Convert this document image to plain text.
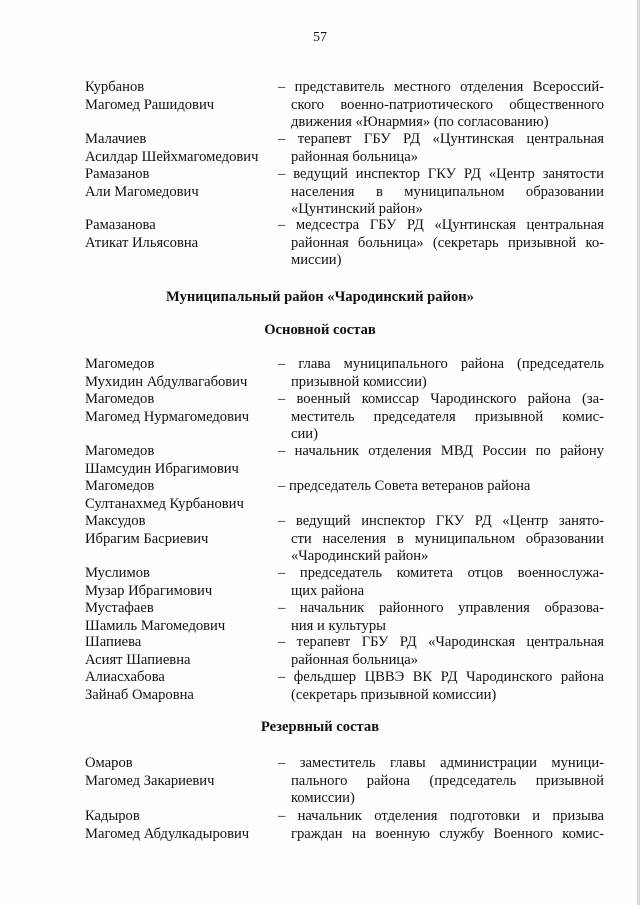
57
Курбанов
Магомед Рашидович
– представитель местного отделения Всероссий-
ского военно-патриотического общественного
движения «Юнармия» (по согласованию)
Малачиев
Асилдар Шейхмагомедович
– терапевт ГБУ РД «Цунтинская центральная
районная больница»
Рамазанов
Али Магомедович
– ведущий инспектор ГКУ РД «Центр занятости
населения в муниципальном образовании
«Цунтинский район»
Рамазанова
Атикат Ильясовна
– медсестра ГБУ РД «Цунтинская центральная
районная больница» (секретарь призывной ко-
миссии)
Муниципальный район «Чародинский район»
Основной состав
Магомедов
Мухидин Абдулвагабович
– глава муниципального района (председатель
призывной комиссии)
Магомедов
Магомед Нурмагомедович
– военный комиссар Чародинского района (за-
меститель председателя призывной комис-
сии)
Магомедов
Шамсудин Ибрагимович
– начальник отделения МВД России по району
Магомедов
Султанахмед Курбанович
– председатель Совета ветеранов района
Максудов
Ибрагим Басриевич
– ведущий инспектор ГКУ РД «Центр занято-
сти населения в муниципальном образовании
«Чародинский район»
Муслимов
Музар Ибрагимович
– председатель комитета отцов военнослужа-
щих района
Мустафаев
Шамиль Магомедович
– начальник районного управления образова-
ния и культуры
Шапиева
Асият Шапиевна
– терапевт ГБУ РД «Чародинская центральная
районная больница»
Алиасхабова
Зайнаб Омаровна
– фельдшер ЦВВЭ ВК РД Чародинского района
(секретарь призывной комиссии)
Резервный состав
Омаров
Магомед Закариевич
– заместитель главы администрации муници-
пального района (председатель призывной
комиссии)
Кадыров
Магомед Абдулкадырович
– начальник отделения подготовки и призыва
граждан на военную службу Военного комис-
